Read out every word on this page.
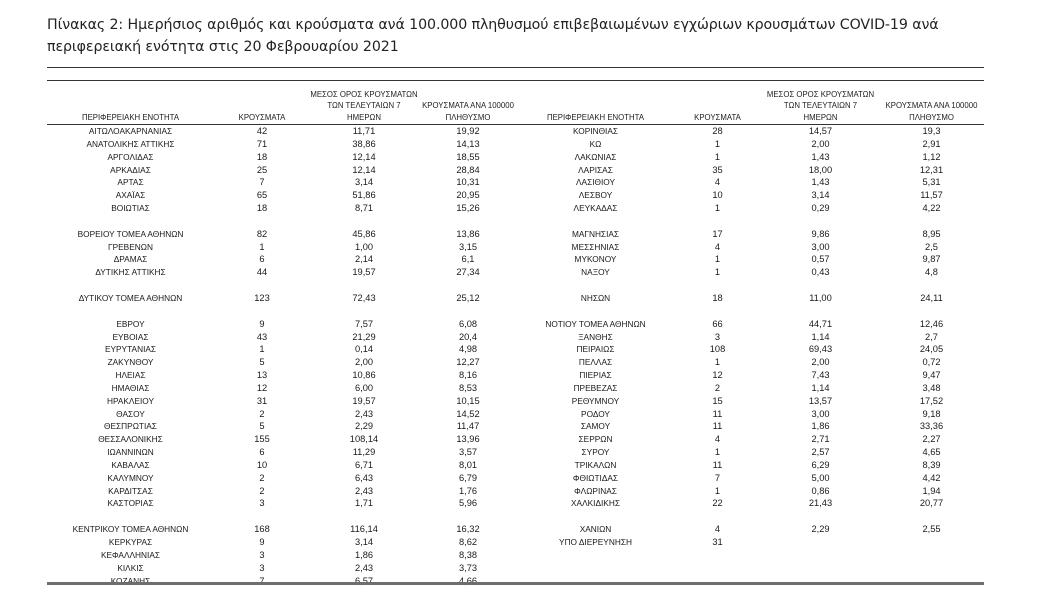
Πίνακας 2: Ημερήσιος αριθμός και κρούσματα ανά 100.000 πληθυσμού επιβεβαιωμένων εγχώριων κρουσμάτων COVID-19 ανά περιφερειακή ενότητα στις 20 Φεβρουαρίου 2021
ΠΕΡΙΦΕΡΕΙΑΚΗ ΕΝΟΤΗΤΑ	ΚΡΟΥΣΜΑΤΑ
ΜΕΣΟΣ ΟΡΟΣ ΚΡΟΥΣΜΑΤΩΝ
ΤΩΝ ΤΕΛΕΥΤΑΙΩΝ 7
ΗΜΕΡΩΝ
ΚΡΟΥΣΜΑΤΑ ΑΝΑ 100000
ΠΛΗΘΥΣΜΟ
ΑΙΤΩΛΟΑΚΑΡΝΑΝΙΑΣ	42	11,71	19,92
ΑΝΑΤΟΛΙΚΗΣ ΑΤΤΙΚΗΣ	71	38,86	14,13
ΑΡΓΟΛΙΔΑΣ	18	12,14	18,55
ΑΡΚΑΔΙΑΣ	25	12,14	28,84
ΑΡΤΑΣ	7	3,14	10,31
ΑΧΑΪΑΣ	65	51,86	20,95
ΒΟΙΩΤΙΑΣ	18	8,71	15,26
ΒΟΡΕΙΟΥ ΤΟΜΕΑ ΑΘΗΝΩΝ	82	45,86	13,86
ΓΡΕΒΕΝΩΝ	1	1,00	3,15
ΔΡΑΜΑΣ	6	2,14	6,1
ΔΥΤΙΚΗΣ ΑΤΤΙΚΗΣ	44	19,57	27,34
ΔΥΤΙΚΟΥ ΤΟΜΕΑ ΑΘΗΝΩΝ	123	72,43	25,12
ΕΒΡΟΥ	9	7,57	6,08
ΕΥΒΟΙΑΣ	43	21,29	20,4
ΕΥΡΥΤΑΝΙΑΣ	1	0,14	4,98
ΖΑΚΥΝΘΟΥ	5	2,00	12,27
ΗΛΕΙΑΣ	13	10,86	8,16
ΗΜΑΘΙΑΣ	12	6,00	8,53
ΗΡΑΚΛΕΙΟΥ	31	19,57	10,15
ΘΑΣΟΥ	2	2,43	14,52
ΘΕΣΠΡΩΤΙΑΣ	5	2,29	11,47
ΘΕΣΣΑΛΟΝΙΚΗΣ	155	108,14	13,96
ΙΩΑΝΝΙΝΩΝ	6	11,29	3,57
ΚΑΒΑΛΑΣ	10	6,71	8,01
ΚΑΛΥΜΝΟΥ	2	6,43	6,79
ΚΑΡΔΙΤΣΑΣ	2	2,43	1,76
ΚΑΣΤΟΡΙΑΣ	3	1,71	5,96
ΚΕΝΤΡΙΚΟΥ ΤΟΜΕΑ ΑΘΗΝΩΝ	168	116,14	16,32
ΚΕΡΚΥΡΑΣ	9	3,14	8,62
ΚΕΦΑΛΛΗΝΙΑΣ	3	1,86	8,38
ΚΙΛΚΙΣ	3	2,43	3,73
ΚΟΖΑΝΗΣ	7	6,57	4,66
ΠΕΡΙΦΕΡΕΙΑΚΗ ΕΝΟΤΗΤΑ	ΚΡΟΥΣΜΑΤΑ
ΜΕΣΟΣ ΟΡΟΣ ΚΡΟΥΣΜΑΤΩΝ
ΤΩΝ ΤΕΛΕΥΤΑΙΩΝ 7
ΗΜΕΡΩΝ
ΚΡΟΥΣΜΑΤΑ ΑΝΑ 100000
ΠΛΗΘΥΣΜΟ
ΚΟΡΙΝΘΙΑΣ	28	14,57	19,3
ΚΩ	1	2,00	2,91
ΛΑΚΩΝΙΑΣ	1	1,43	1,12
ΛΑΡΙΣΑΣ	35	18,00	12,31
ΛΑΣΙΘΙΟΥ	4	1,43	5,31
ΛΕΣΒΟΥ	10	3,14	11,57
ΛΕΥΚΑΔΑΣ	1	0,29	4,22
ΜΑΓΝΗΣΙΑΣ	17	9,86	8,95
ΜΕΣΣΗΝΙΑΣ	4	3,00	2,5
ΜΥΚΟΝΟΥ	1	0,57	9,87
ΝΑΞΟΥ	1	0,43	4,8
ΝΗΣΩΝ	18	11,00	24,11
ΝΟΤΙΟΥ ΤΟΜΕΑ ΑΘΗΝΩΝ	66	44,71	12,46
ΞΑΝΘΗΣ	3	1,14	2,7
ΠΕΙΡΑΙΩΣ	108	69,43	24,05
ΠΕΛΛΑΣ	1	2,00	0,72
ΠΙΕΡΙΑΣ	12	7,43	9,47
ΠΡΕΒΕΖΑΣ	2	1,14	3,48
ΡΕΘΥΜΝΟΥ	15	13,57	17,52
ΡΟΔΟΥ	11	3,00	9,18
ΣΑΜΟΥ	11	1,86	33,36
ΣΕΡΡΩΝ	4	2,71	2,27
ΣΥΡΟΥ	1	2,57	4,65
ΤΡΙΚΑΛΩΝ	11	6,29	8,39
ΦΘΙΩΤΙΔΑΣ	7	5,00	4,42
ΦΛΩΡΙΝΑΣ	1	0,86	1,94
ΧΑΛΚΙΔΙΚΗΣ	22	21,43	20,77
ΧΑΝΙΩΝ	4	2,29	2,55
ΥΠΟ ΔΙΕΡΕΥΝΗΣΗ	31
